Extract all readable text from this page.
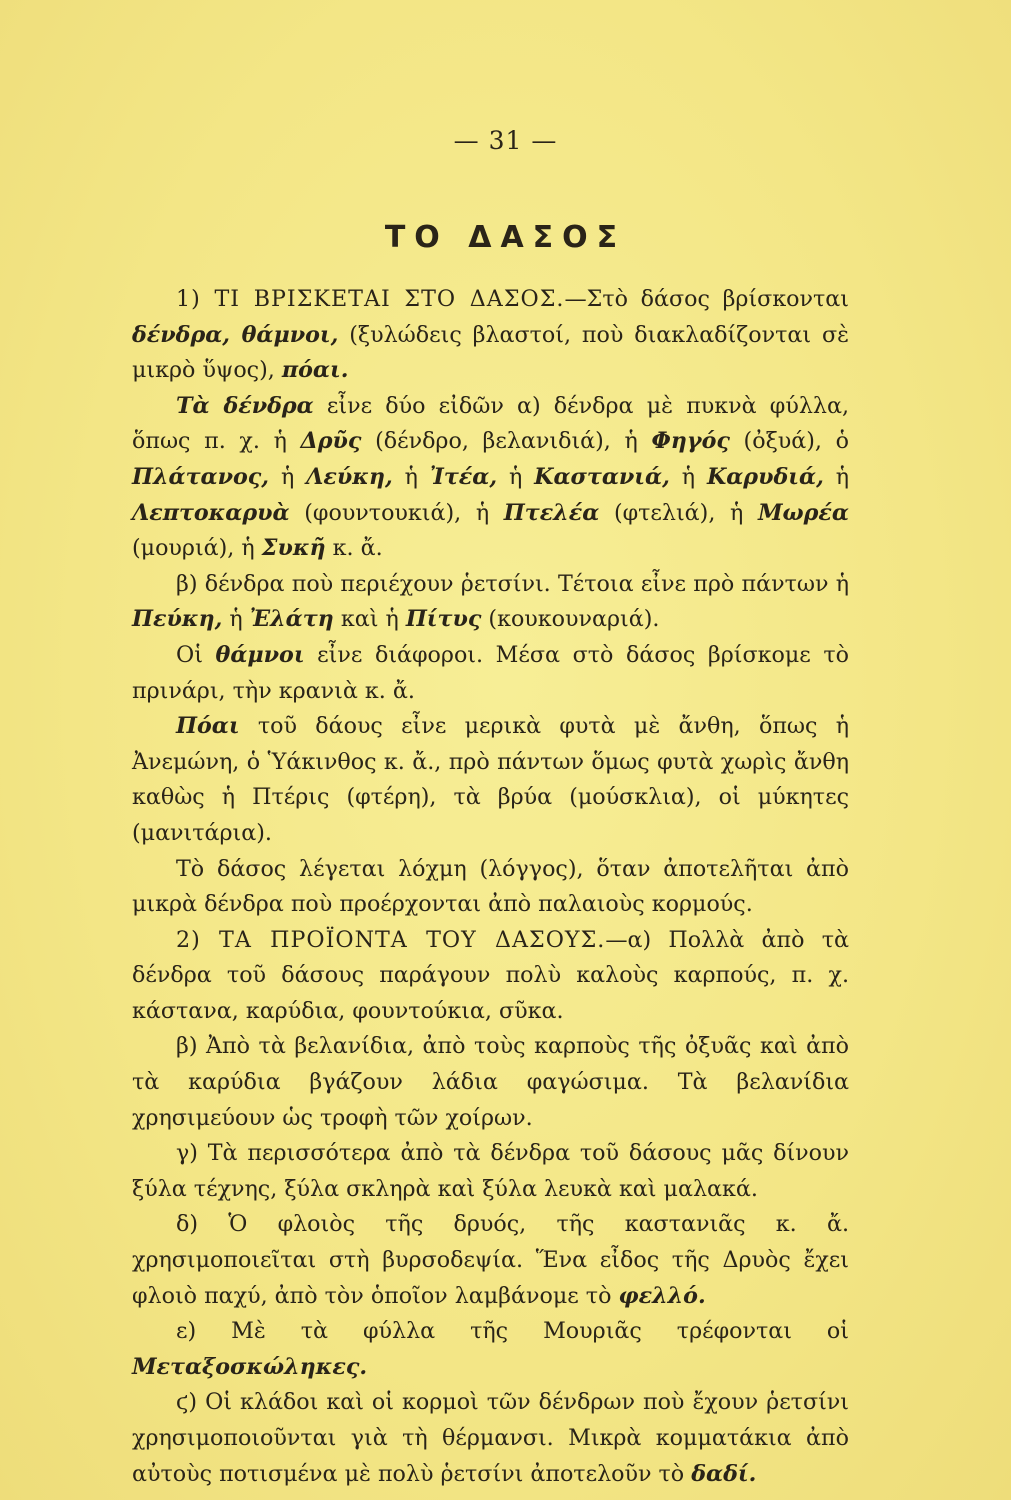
— 31 —
ΤΟ ΔΑΣΟΣ

1) ΤΙ ΒΡΙΣΚΕΤΑΙ ΣΤΟ ΔΑΣΟΣ.—Στὸ δάσος βρίσκονται δένδρα, θάμνοι, (ξυλώδεις βλαστοί, ποὺ διακλαδίζονται σὲ μικρὸ ὕψος), πόαι.

Τὰ δένδρα εἶνε δύο εἰδῶν α) δένδρα μὲ πυκνὰ φύλλα, ὅπως π. χ. ἡ Δρῦς (δένδρο, βελανιδιά), ἡ Φηγός (ὀξυά), ὁ Πλάτανος, ἡ Λεύκη, ἡ Ἰτέα, ἡ Καστανιά, ἡ Καρυδιά, ἡ Λεπτοκαρυὰ (φουντουκιά), ἡ Πτελέα (φτελιά), ἡ Μωρέα (μουριά), ἡ Συκῆ κ. ἄ.

β) δένδρα ποὺ περιέχουν ῥετσίνι. Τέτοια εἶνε πρὸ πάντων ἡ Πεύκη, ἡ Ἐλάτη καὶ ἡ Πίτυς (κουκουναριά).

Οἱ θάμνοι εἶνε διάφοροι. Μέσα στὸ δάσος βρίσκομε τὸ πρινάρι, τὴν κρανιὰ κ. ἄ.

Πόαι τοῦ δάους εἶνε μερικὰ φυτὰ μὲ ἄνθη, ὅπως ἡ Ἀνεμώνη, ὁ Ὑάκινθος κ. ἄ., πρὸ πάντων ὅμως φυτὰ χωρὶς ἄνθη καθὼς ἡ Πτέρις (φτέρη), τὰ βρύα (μούσκλια), οἱ μύκητες (μανιτάρια).

Τὸ δάσος λέγεται λόχμη (λόγγος), ὅταν ἀποτελῆται ἀπὸ μικρὰ δένδρα ποὺ προέρχονται ἀπὸ παλαιοὺς κορμούς.

2) ΤΑ ΠΡΟΪΟΝΤΑ ΤΟΥ ΔΑΣΟΥΣ.—α) Πολλὰ ἀπὸ τὰ δένδρα τοῦ δάσους παράγουν πολὺ καλοὺς καρπούς, π. χ. κάστανα, καρύδια, φουντούκια, σῦκα.

β) Ἀπὸ τὰ βελανίδια, ἀπὸ τοὺς καρποὺς τῆς ὀξυᾶς καὶ ἀπὸ τὰ καρύδια βγάζουν λάδια φαγώσιμα. Τὰ βελανίδια χρησιμεύουν ὡς τροφὴ τῶν χοίρων.

γ) Τὰ περισσότερα ἀπὸ τὰ δένδρα τοῦ δάσους μᾶς δίνουν ξύλα τέχνης, ξύλα σκληρὰ καὶ ξύλα λευκὰ καὶ μαλακά.

δ) Ὁ φλοιὸς τῆς δρυός, τῆς καστανιᾶς κ. ἄ. χρησιμοποιεῖται στὴ βυρσοδεψία. Ἕνα εἶδος τῆς Δρυὸς ἔχει φλοιὸ παχύ, ἀπὸ τὸν ὁποῖον λαμβάνομε τὸ φελλό.

ε) Μὲ τὰ φύλλα τῆς Μουριᾶς τρέφονται οἱ Μεταξοσκώληκες.

ϛ) Οἱ κλάδοι καὶ οἱ κορμοὶ τῶν δένδρων ποὺ ἔχουν ῥετσίνι χρησιμοποιοῦνται γιὰ τὴ θέρμανσι. Μικρὰ κομματάκια ἀπὸ αὐτοὺς ποτισμένα μὲ πολὺ ῥετσίνι ἀποτελοῦν τὸ δαδί.
